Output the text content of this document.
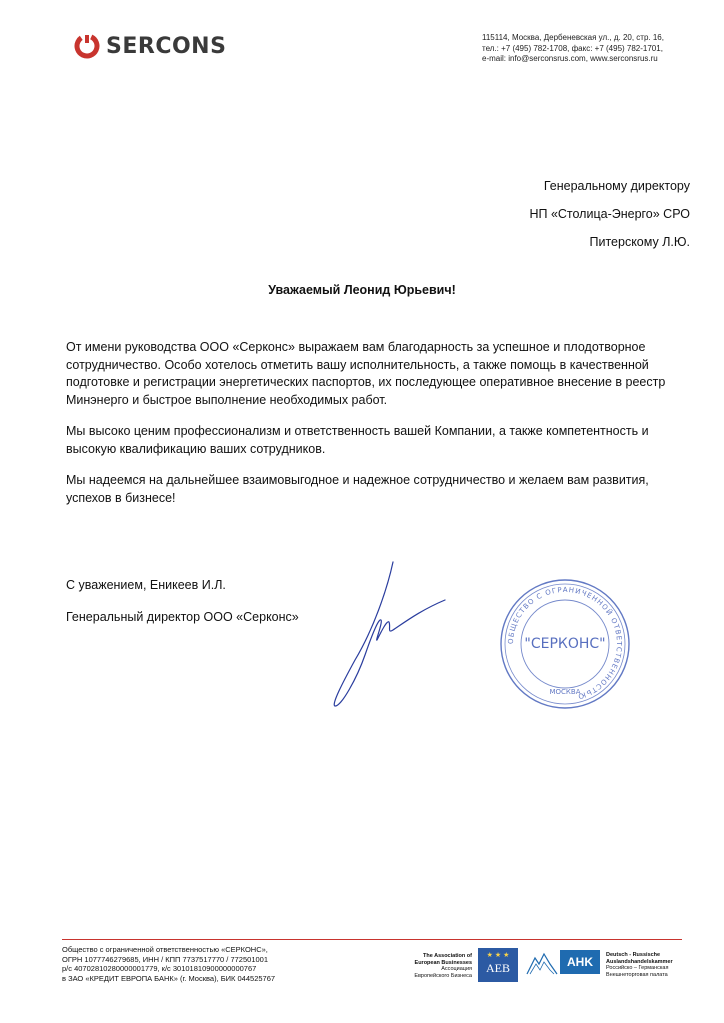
SERCONS	115114, Москва, Дербеневская ул., д. 20, стр. 16,
тел.: +7 (495) 782-1708, факс: +7 (495) 782-1701,
e-mail: info@serconsrus.com, www.serconsrus.ru
Генеральному директору
НП «Столица-Энерго» СРО
Питерскому Л.Ю.
Уважаемый Леонид Юрьевич!

От имени руководства ООО «Серконс» выражаем вам благодарность за успешное и плодотворное сотрудничество. Особо хотелось отметить вашу исполнительность, а также помощь в качественной подготовке и регистрации энергетических паспортов, их последующее оперативное внесение в реестр Минэнерго и быстрое выполнение необходимых работ.

Мы высоко ценим профессионализм и ответственность вашей Компании, а также компетентность и высокую квалификацию ваших сотрудников.

Мы надеемся на дальнейшее взаимовыгодное и надежное сотрудничество и желаем вам развития, успехов в бизнесе!

С уважением, Еникеев И.Л.
Генеральный директор ООО «Серконс»
ОБЩЕСТВО С ОГРАНИЧЕННОЙ ОТВЕТСТВЕННОСТЬЮ
"СЕРКОНС"
МОСКВА
Общество с ограниченной ответственностью «СЕРКОНС»,
ОГРН 1077746279685, ИНН / КПП 7737517770 / 772501001
р/с 40702810280000001779, к/с 30101810900000000767
в ЗАО «КРЕДИТ ЕВРОПА БАНК» (г. Москва), БИК 044525767
The Association of
European Businesses
Ассоциация
Европейского Бизнеса
★ ★ ★
AEB	AHK	Deutsch - Russische
Auslandshandelskammer
Российско – Германская
Внешнеторговая палата
